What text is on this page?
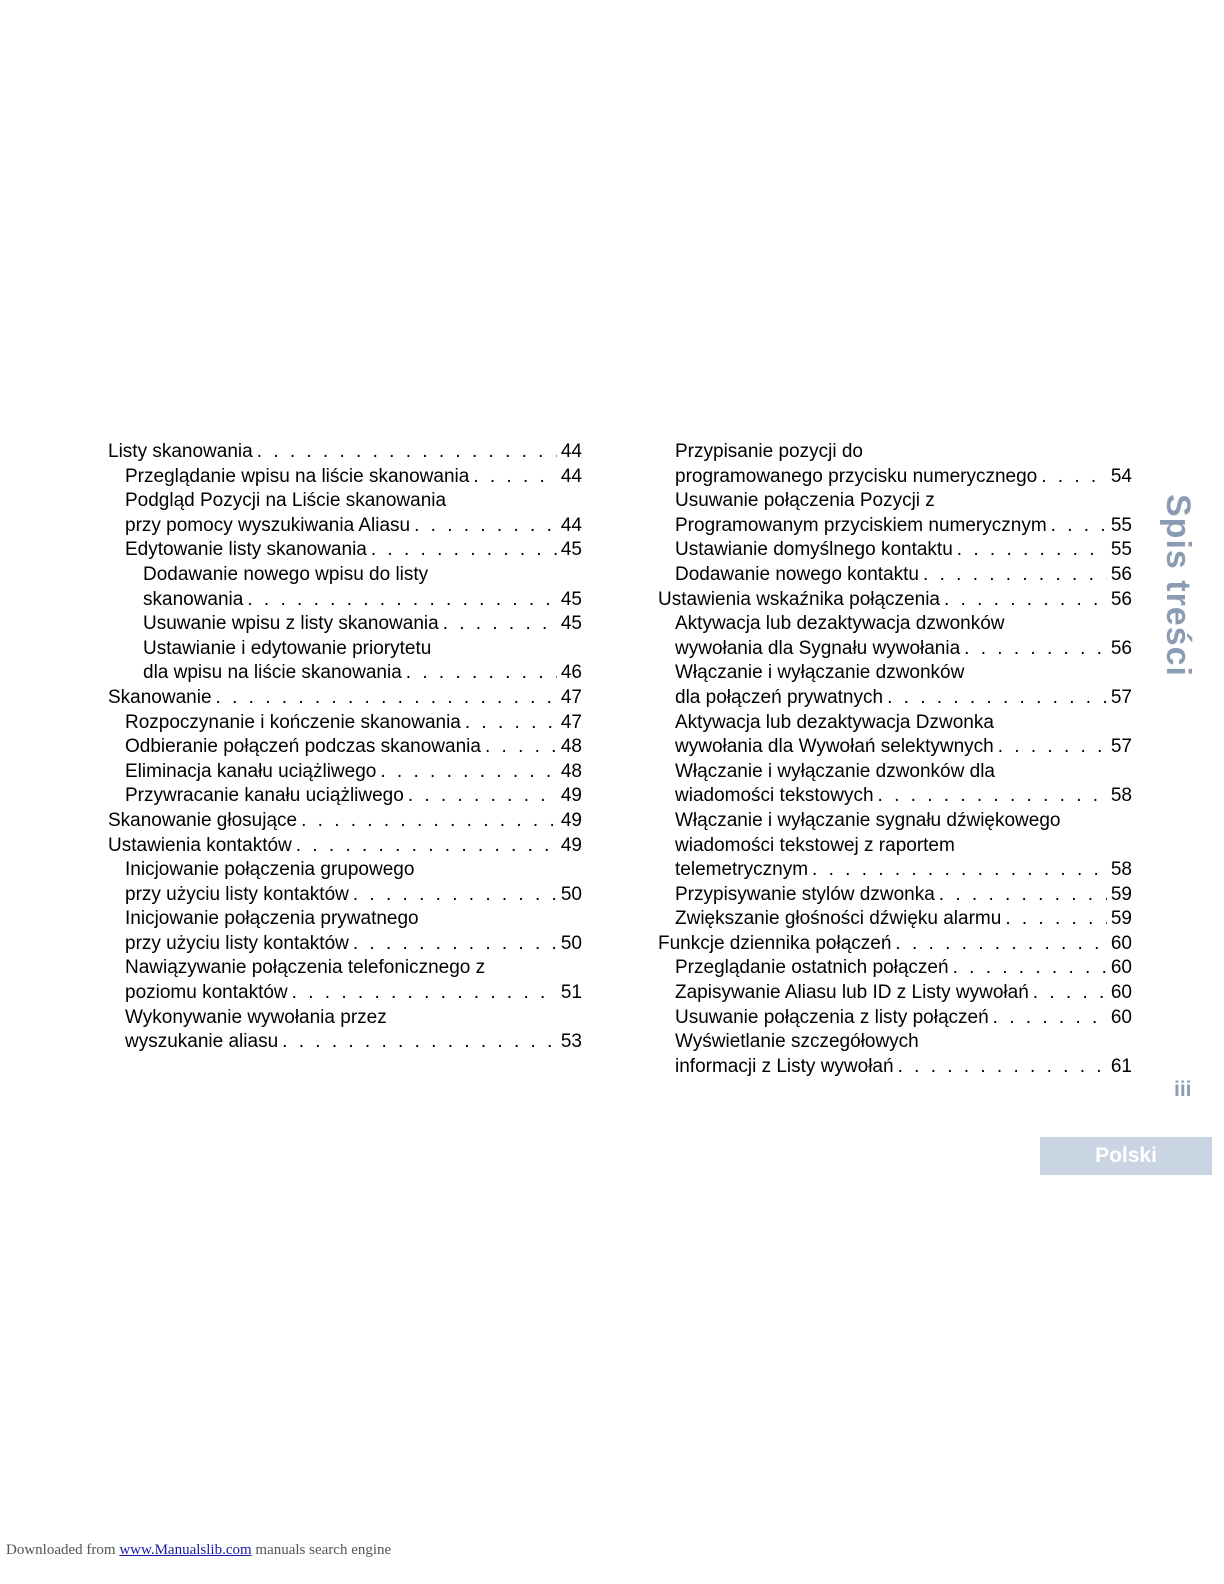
Listy skanowania . . .	44
Przeglądanie wpisu na liście skanowania . . .	44
Podgląd Pozycji na Liście skanowania
przy pomocy wyszukiwania Aliasu . . .	44
Edytowanie listy skanowania . . .	45
Dodawanie nowego wpisu do listy
skanowania . . .	45
Usuwanie wpisu z listy skanowania . . .	45
Ustawianie i edytowanie priorytetu
dla wpisu na liście skanowania . . .	46
Skanowanie . . .	47
Rozpoczynanie i kończenie skanowania . . .	47
Odbieranie połączeń podczas skanowania . . .	48
Eliminacja kanału uciążliwego . . .	48
Przywracanie kanału uciążliwego . . .	49
Skanowanie głosujące . . .	49
Ustawienia kontaktów . . .	49
Inicjowanie połączenia grupowego
przy użyciu listy kontaktów . . .	50
Inicjowanie połączenia prywatnego
przy użyciu listy kontaktów . . .	50
Nawiązywanie połączenia telefonicznego z
poziomu kontaktów . . .	51
Wykonywanie wywołania przez
wyszukanie aliasu . . .	53
Przypisanie pozycji do
programowanego przycisku numerycznego . . .	54
Usuwanie połączenia Pozycji z
Programowanym przyciskiem numerycznym . . .	55
Ustawianie domyślnego kontaktu . . .	55
Dodawanie nowego kontaktu . . .	56
Ustawienia wskaźnika połączenia . . .	56
Aktywacja lub dezaktywacja dzwonków
wywołania dla Sygnału wywołania . . .	56
Włączanie i wyłączanie dzwonków
dla połączeń prywatnych . . .	57
Aktywacja lub dezaktywacja Dzwonka
wywołania dla Wywołań selektywnych . . .	57
Włączanie i wyłączanie dzwonków dla
wiadomości tekstowych . . .	58
Włączanie i wyłączanie sygnału dźwiękowego
wiadomości tekstowej z raportem
telemetrycznym . . .	58
Przypisywanie stylów dzwonka . . .	59
Zwiększanie głośności dźwięku alarmu . . .	59
Funkcje dziennika połączeń . . .	60
Przeglądanie ostatnich połączeń . . .	60
Zapisywanie Aliasu lub ID z Listy wywołań . . .	60
Usuwanie połączenia z listy połączeń . . .	60
Wyświetlanie szczegółowych
informacji z Listy wywołań . . .	61
Spis treści
iii
Polski
Downloaded from www.Manualslib.com manuals search engine
